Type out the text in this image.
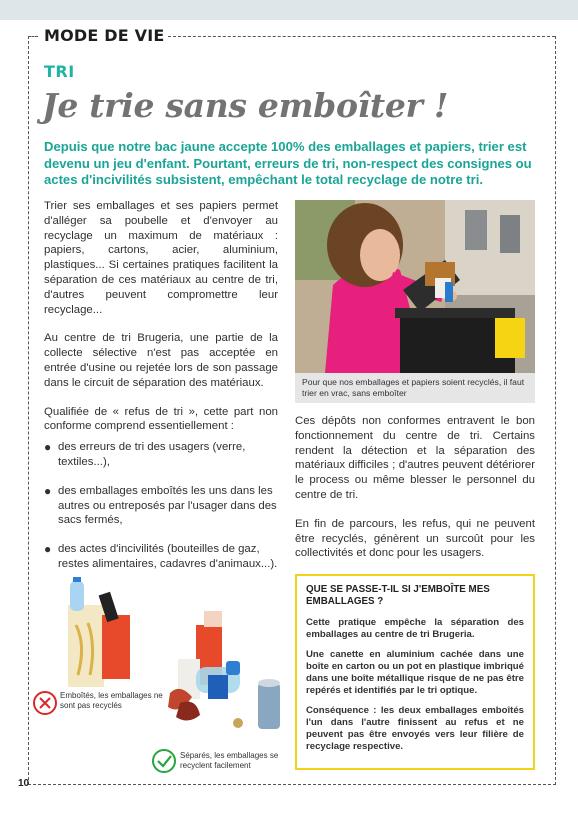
MODE DE VIE
TRI
Je trie sans emboîter !
Depuis que notre bac jaune accepte 100% des emballages et papiers, trier est devenu un jeu d'enfant. Pourtant, erreurs de tri, non-respect des consignes ou actes d'incivilités subsistent, empêchant le total recyclage de notre tri.

Trier ses emballages et ses papiers permet d'alléger sa poubelle et d'envoyer au recyclage un maximum de matériaux : papiers, cartons, acier, aluminium, plastiques... Si certaines pratiques facilitent la séparation de ces matériaux au centre de tri, d'autres peuvent compromettre leur recyclage...

Au centre de tri Brugeria, une partie de la collecte sélective n'est pas acceptée en entrée d'usine ou rejetée lors de son passage dans le circuit de séparation des matériaux.

Qualifiée de « refus de tri », cette part non conforme comprend essentiellement :

● des erreurs de tri des usagers (verre, textiles...),
● des emballages emboîtés les uns dans les autres ou entreposés par l'usager dans des sacs fermés,
● des actes d'incivilités (bouteilles de gaz, restes alimentaires, cadavres d'animaux...).
Pour que nos emballages et papiers soient recyclés, il faut trier en vrac, sans emboîter

Ces dépôts non conformes entravent le bon fonctionnement du centre de tri. Certains rendent la détection et la séparation des matériaux difficiles ; d'autres peuvent détériorer le process ou même blesser le personnel du centre de tri.

En fin de parcours, les refus, qui ne peuvent être recyclés, génèrent un surcoût pour les collectivités et donc pour les usagers.

QUE SE PASSE-T-IL SI J'EMBOÎTE MES EMBALLAGES ?

Cette pratique empêche la séparation des emballages au centre de tri Brugeria.

Une canette en aluminium cachée dans une boîte en carton ou un pot en plastique imbriqué dans une boîte métallique risque de ne pas être repérés et identifiés par le tri optique.

Conséquence : les deux emballages emboîtés l'un dans l'autre finissent au refus et ne peuvent pas être envoyés vers leur filière de recyclage respective.

Emboîtés, les emballages ne sont pas recyclés
Séparés, les emballages se recyclent facilement
10
